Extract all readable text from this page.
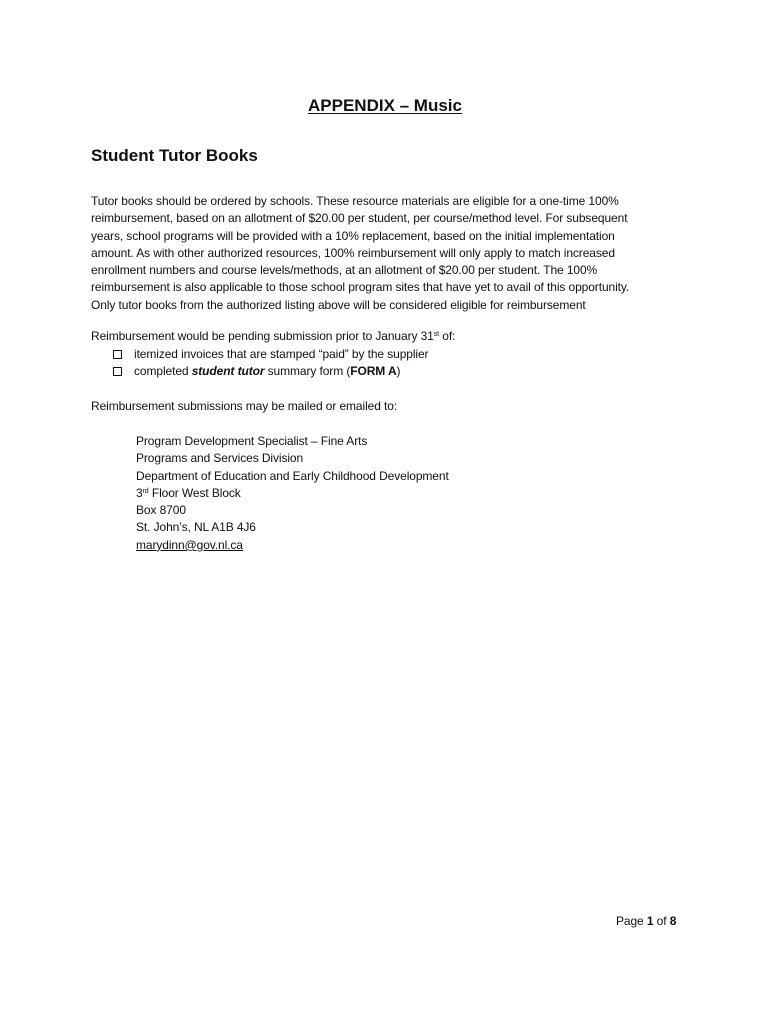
APPENDIX – Music
Student Tutor Books
Tutor books should be ordered by schools. These resource materials are eligible for a one-time 100%
reimbursement, based on an allotment of $20.00 per student, per course/method level. For subsequent
years, school programs will be provided with a 10% replacement, based on the initial implementation
amount. As with other authorized resources, 100% reimbursement will only apply to match increased
enrollment numbers and course levels/methods, at an allotment of $20.00 per student. The 100%
reimbursement is also applicable to those school program sites that have yet to avail of this opportunity.
Only tutor books from the authorized listing above will be considered eligible for reimbursement
Reimbursement would be pending submission prior to January 31st of:
itemized invoices that are stamped “paid” by the supplier
completed student tutor summary form (FORM A)
Reimbursement submissions may be mailed or emailed to:
Program Development Specialist – Fine Arts
Programs and Services Division
Department of Education and Early Childhood Development
3rd Floor West Block
Box 8700
St. John’s, NL A1B 4J6
marydinn@gov.nl.ca
Page 1 of 8
